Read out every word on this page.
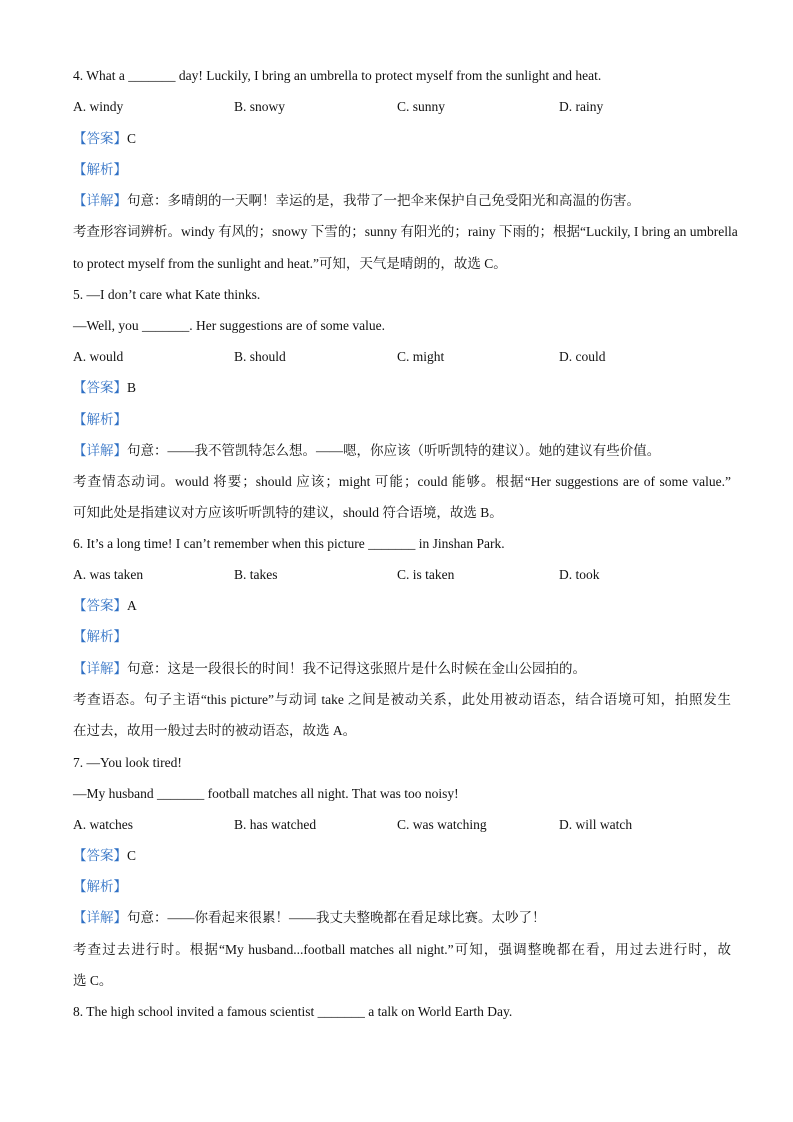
4. What a _______ day! Luckily, I bring an umbrella to protect myself from the sunlight and heat.
A. windy	B. snowy	C. sunny	D. rainy
【答案】C
【解析】
【详解】句意：多晴朗的一天啊！幸运的是，我带了一把伞来保护自己免受阳光和高温的伤害。
考查形容词辨析。windy 有风的；snowy 下雪的；sunny 有阳光的；rainy 下雨的；根据“Luckily, I bring an umbrella
to protect myself from the sunlight and heat.”可知，天气是晴朗的，故选 C。
5. —I don’t care what Kate thinks.
—Well, you _______. Her suggestions are of some value.
A. would	B. should	C. might	D. could
【答案】B
【解析】
【详解】句意：——我不管凯特怎么想。——嗯，你应该（听听凯特的建议）。她的建议有些价值。
考查情态动词。would 将要；should 应该；might 可能；could 能够。根据“Her suggestions are of some value.”
可知此处是指建议对方应该听听凯特的建议，should 符合语境，故选 B。
6. It’s a long time! I can’t remember when this picture _______ in Jinshan Park.
A. was taken	B. takes	C. is taken	D. took
【答案】A
【解析】
【详解】句意：这是一段很长的时间！我不记得这张照片是什么时候在金山公园拍的。
考查语态。句子主语“this picture”与动词 take 之间是被动关系，此处用被动语态，结合语境可知，拍照发生
在过去，故用一般过去时的被动语态，故选 A。
7. —You look tired!
—My husband _______ football matches all night. That was too noisy!
A. watches	B. has watched	C. was watching	D. will watch
【答案】C
【解析】
【详解】句意：——你看起来很累！——我丈夫整晚都在看足球比赛。太吵了！
考查过去进行时。根据“My husband...football matches all night.”可知，强调整晚都在看，用过去进行时，故
选 C。
8. The high school invited a famous scientist _______ a talk on World Earth Day.
